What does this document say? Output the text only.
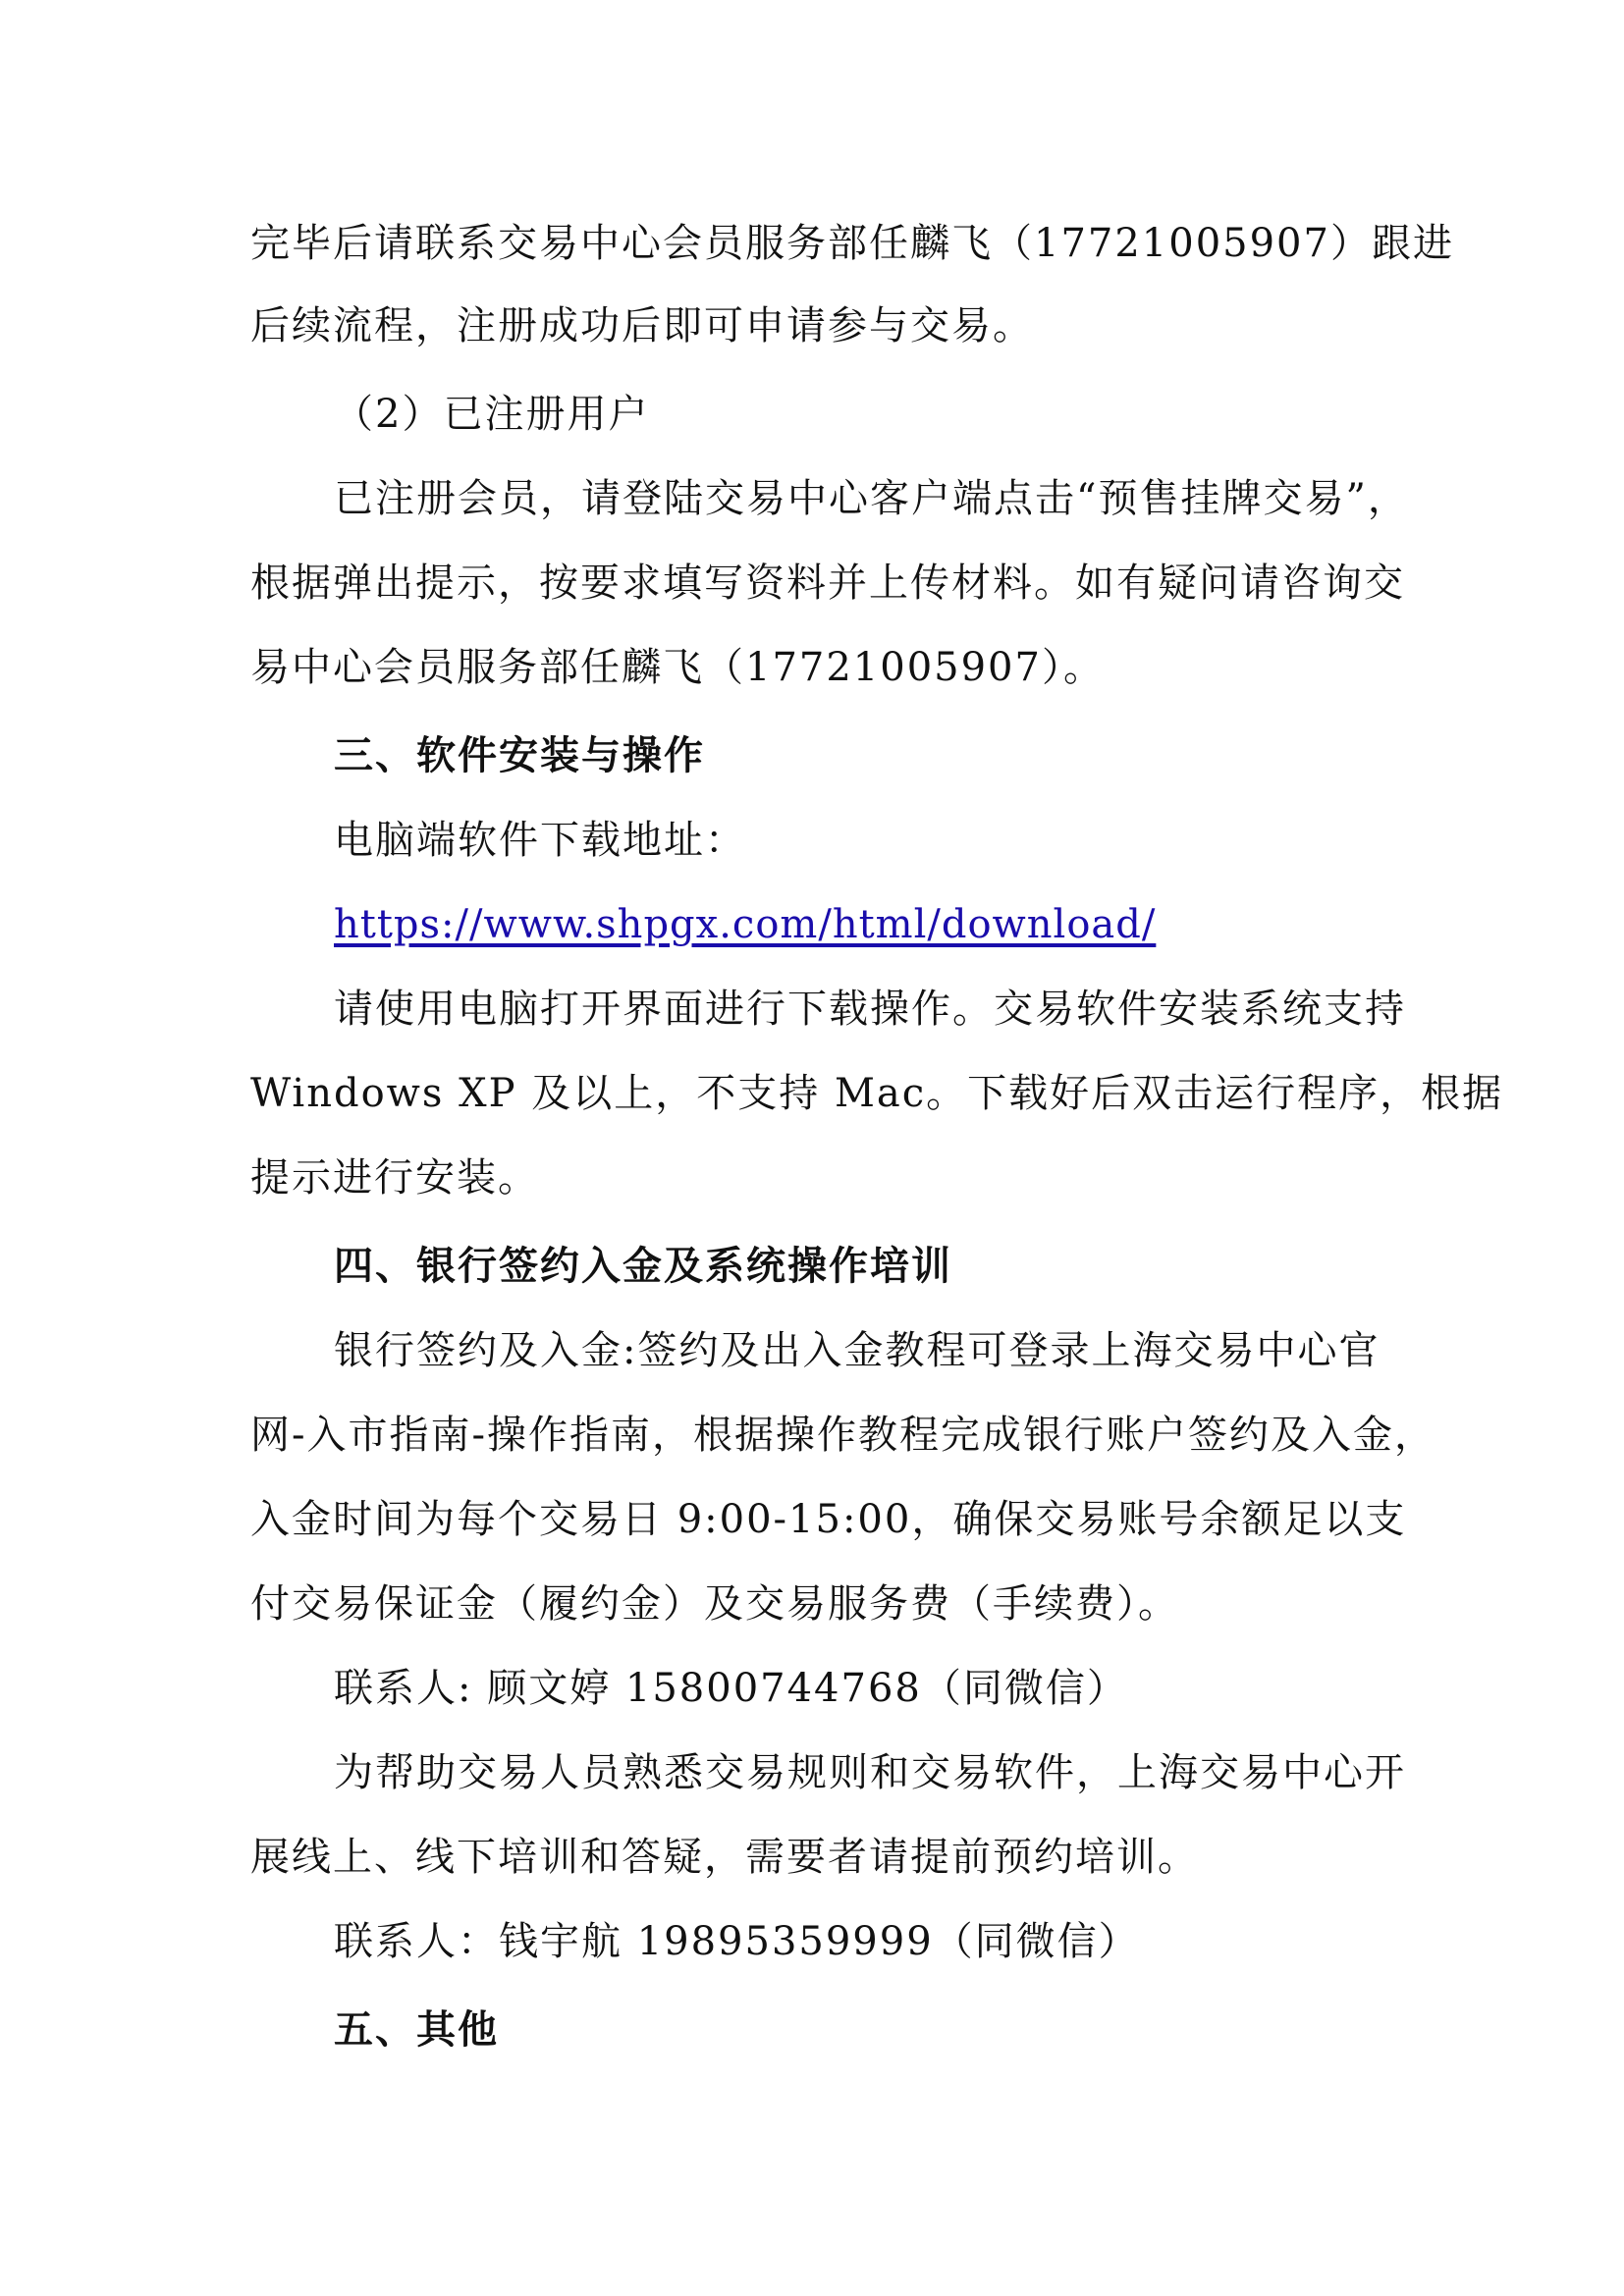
完毕后请联系交易中心会员服务部任麟飞（17721005907）跟进

后续流程，注册成功后即可申请参与交易。

（2）已注册用户

已注册会员，请登陆交易中心客户端点击“预售挂牌交易”，

根据弹出提示，按要求填写资料并上传材料。如有疑问请咨询交

易中心会员服务部任麟飞（17721005907）。

三、软件安装与操作

电脑端软件下载地址：

https://www.shpgx.com/html/download/

请使用电脑打开界面进行下载操作。交易软件安装系统支持

Windows XP 及以上，不支持 Mac。下载好后双击运行程序，根据

提示进行安装。

四、银行签约入金及系统操作培训

银行签约及入金:签约及出入金教程可登录上海交易中心官

网-入市指南-操作指南，根据操作教程完成银行账户签约及入金，

入金时间为每个交易日 9:00-15:00，确保交易账号余额足以支

付交易保证金（履约金）及交易服务费（手续费）。

联系人: 顾文婷 15800744768（同微信）

为帮助交易人员熟悉交易规则和交易软件，上海交易中心开

展线上、线下培训和答疑，需要者请提前预约培训。

联系人：钱宇航 19895359999（同微信）

五、其他
